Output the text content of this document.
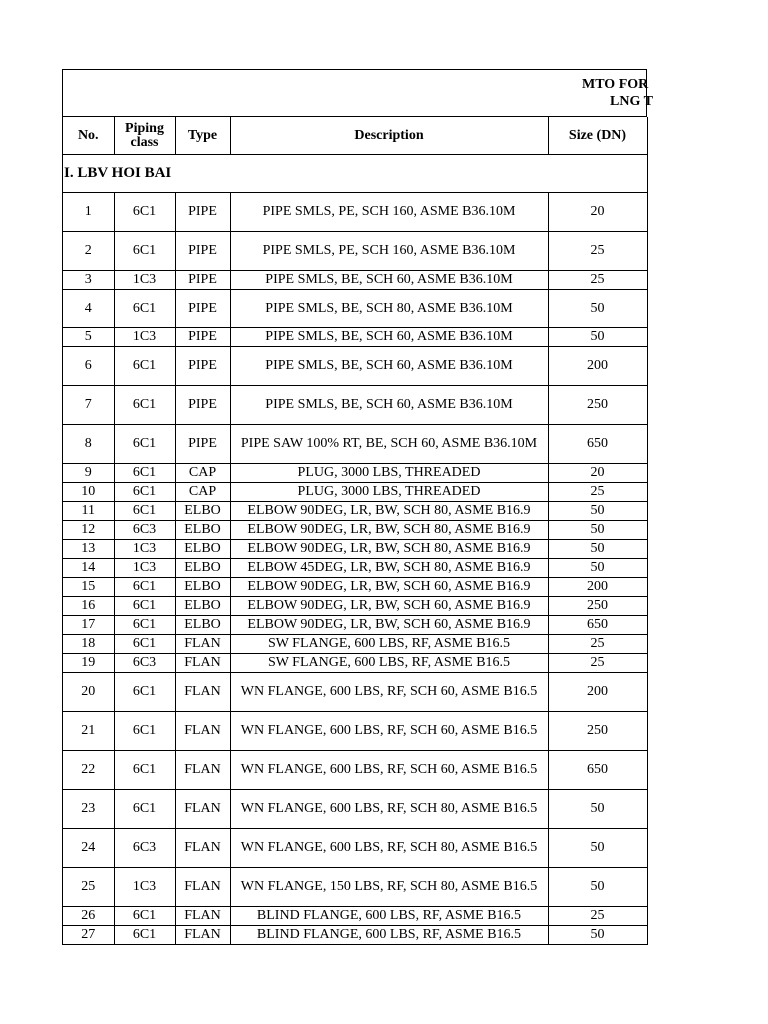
MTO FOR
LNG T
No.	Piping class	Type	Description	Size (DN)
I. LBV HOI BAI				
1	6C1	PIPE	PIPE SMLS, PE, SCH 160, ASME B36.10M	20
2	6C1	PIPE	PIPE SMLS, PE, SCH 160, ASME B36.10M	25
3	1C3	PIPE	PIPE SMLS, BE, SCH 60, ASME B36.10M	25
4	6C1	PIPE	PIPE SMLS, BE, SCH 80, ASME B36.10M	50
5	1C3	PIPE	PIPE SMLS, BE, SCH 60, ASME B36.10M	50
6	6C1	PIPE	PIPE SMLS, BE, SCH 60, ASME B36.10M	200
7	6C1	PIPE	PIPE SMLS, BE, SCH 60, ASME B36.10M	250
8	6C1	PIPE	PIPE SAW 100% RT, BE, SCH 60, ASME B36.10M	650
9	6C1	CAP	PLUG, 3000 LBS, THREADED	20
10	6C1	CAP	PLUG, 3000 LBS, THREADED	25
11	6C1	ELBO	ELBOW 90DEG, LR, BW, SCH 80, ASME B16.9	50
12	6C3	ELBO	ELBOW 90DEG, LR, BW, SCH 80, ASME B16.9	50
13	1C3	ELBO	ELBOW 90DEG, LR, BW, SCH 80, ASME B16.9	50
14	1C3	ELBO	ELBOW 45DEG, LR, BW, SCH 80, ASME B16.9	50
15	6C1	ELBO	ELBOW 90DEG, LR, BW, SCH 60, ASME B16.9	200
16	6C1	ELBO	ELBOW 90DEG, LR, BW, SCH 60, ASME B16.9	250
17	6C1	ELBO	ELBOW 90DEG, LR, BW, SCH 60, ASME B16.9	650
18	6C1	FLAN	SW FLANGE, 600 LBS, RF, ASME B16.5	25
19	6C3	FLAN	SW FLANGE, 600 LBS, RF, ASME B16.5	25
20	6C1	FLAN	WN FLANGE, 600 LBS, RF, SCH 60, ASME B16.5	200
21	6C1	FLAN	WN FLANGE, 600 LBS, RF, SCH 60, ASME B16.5	250
22	6C1	FLAN	WN FLANGE, 600 LBS, RF, SCH 60, ASME B16.5	650
23	6C1	FLAN	WN FLANGE, 600 LBS, RF, SCH 80, ASME B16.5	50
24	6C3	FLAN	WN FLANGE, 600 LBS, RF, SCH 80, ASME B16.5	50
25	1C3	FLAN	WN FLANGE, 150 LBS, RF, SCH 80, ASME B16.5	50
26	6C1	FLAN	BLIND FLANGE, 600 LBS, RF, ASME B16.5	25
27	6C1	FLAN	BLIND FLANGE, 600 LBS, RF, ASME B16.5	50
